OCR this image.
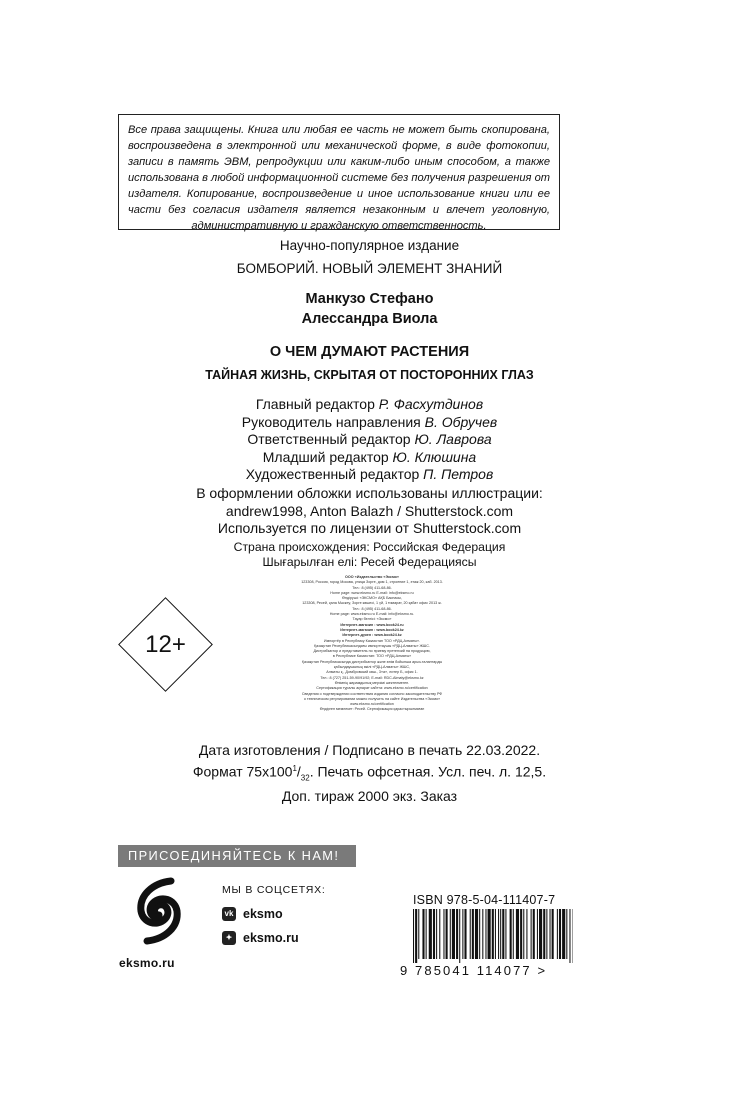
Все права защищены. Книга или любая ее часть не может быть скопирована, воспроизведена в электронной или механической форме, в виде фотокопии, записи в память ЭВМ, репродукции или каким-либо иным способом, а также использована в любой информационной системе без получения разрешения от издателя. Копирование, воспроизведение и иное использование книги или ее части без согласия издателя является незаконным и влечет уголовную, административную и гражданскую ответственность.
Научно-популярное издание
БОМБОРИЙ. НОВЫЙ ЭЛЕМЕНТ ЗНАНИЙ
Манкузо Стефано
Алессандра Виола
О ЧЕМ ДУМАЮТ РАСТЕНИЯ
ТАЙНАЯ ЖИЗНЬ, СКРЫТАЯ ОТ ПОСТОРОННИХ ГЛАЗ
Главный редактор Р. Фасхутдинов
Руководитель направления В. Обручев
Ответственный редактор Ю. Лаврова
Младший редактор Ю. Клюшина
Художественный редактор П. Петров
В оформлении обложки использованы иллюстрации:
andrew1998, Anton Balazh / Shutterstock.com
Используется по лицензии от Shutterstock.com
Страна происхождения: Российская Федерация
Шығарылған елі: Ресей Федерациясы
12+
ООО «Издательство «Эксмо»
123308, Россия, город Москва, улица Зорге, дом 1, строение 1, этаж 20, каб. 2013.
Тел.: 8 (495) 411-68-86.
Home page: www.eksmo.ru E-mail: info@eksmo.ru
Өндіруші: «ЭКСМО» АҚБ Баспасы,
123308, Ресей, қала Мәскеу, Зорге көшесі, 1 үй, 1 ғимарат, 20 қабат офис 2013 ж.
Тел.: 8 (495) 411-68-86.
Home page: www.eksmo.ru E-mail: info@eksmo.ru.
Тауар белгісі: «Эксмо»
Интернет-магазин : www.book24.ru
Интернет-магазин : www.book24.kz
Интернет-дүкен : www.book24.kz
Импортёр в Республику Казахстан ТОО «РДЦ-Алматы».
Қазақстан Республикасындағы импорттаушы «РДЦ-Алматы» ЖШС.
Дистрибьютор и представитель по приему претензий на продукцию,
в Республике Казахстан: ТОО «РДЦ-Алматы»
Қазақстан Республикасында дистрибьютор және өнім бойынша арыз-талаптарды
қабылдаушының өкілі «РДЦ-Алматы» ЖШС,
Алматы қ., Домбровский көш., 3«а», литер Б, офис 1.
Тел.: 8 (727) 251-59-90/91/92; E-mail: RDC-Almaty@eksmo.kz
Өнімнің жарамдылық мерзімі шектелмеген.
Сертификация туралы ақпарат сайтта: www.eksmo.ru/certification
Сведения о подтверждении соответствия издания согласно законодательству РФ
о техническом регулировании можно получить на сайте Издательства «Эксмо»
www.eksmo.ru/certification
Өндірген мемлекет: Ресей. Сертификация қарастырылмаған
Дата изготовления / Подписано в печать 22.03.2022.
Формат $75x100^1/_{32}$. Печать офсетная. Усл. печ. л. 12,5.
Доп. тираж 2000 экз. Заказ
ПРИСОЕДИНЯЙТЕСЬ К НАМ!
eksmo.ru
МЫ В СОЦСЕТЯХ:
vk eksmo
✦ eksmo.ru
ISBN 978-5-04-111407-7
9 785041 114077 >
